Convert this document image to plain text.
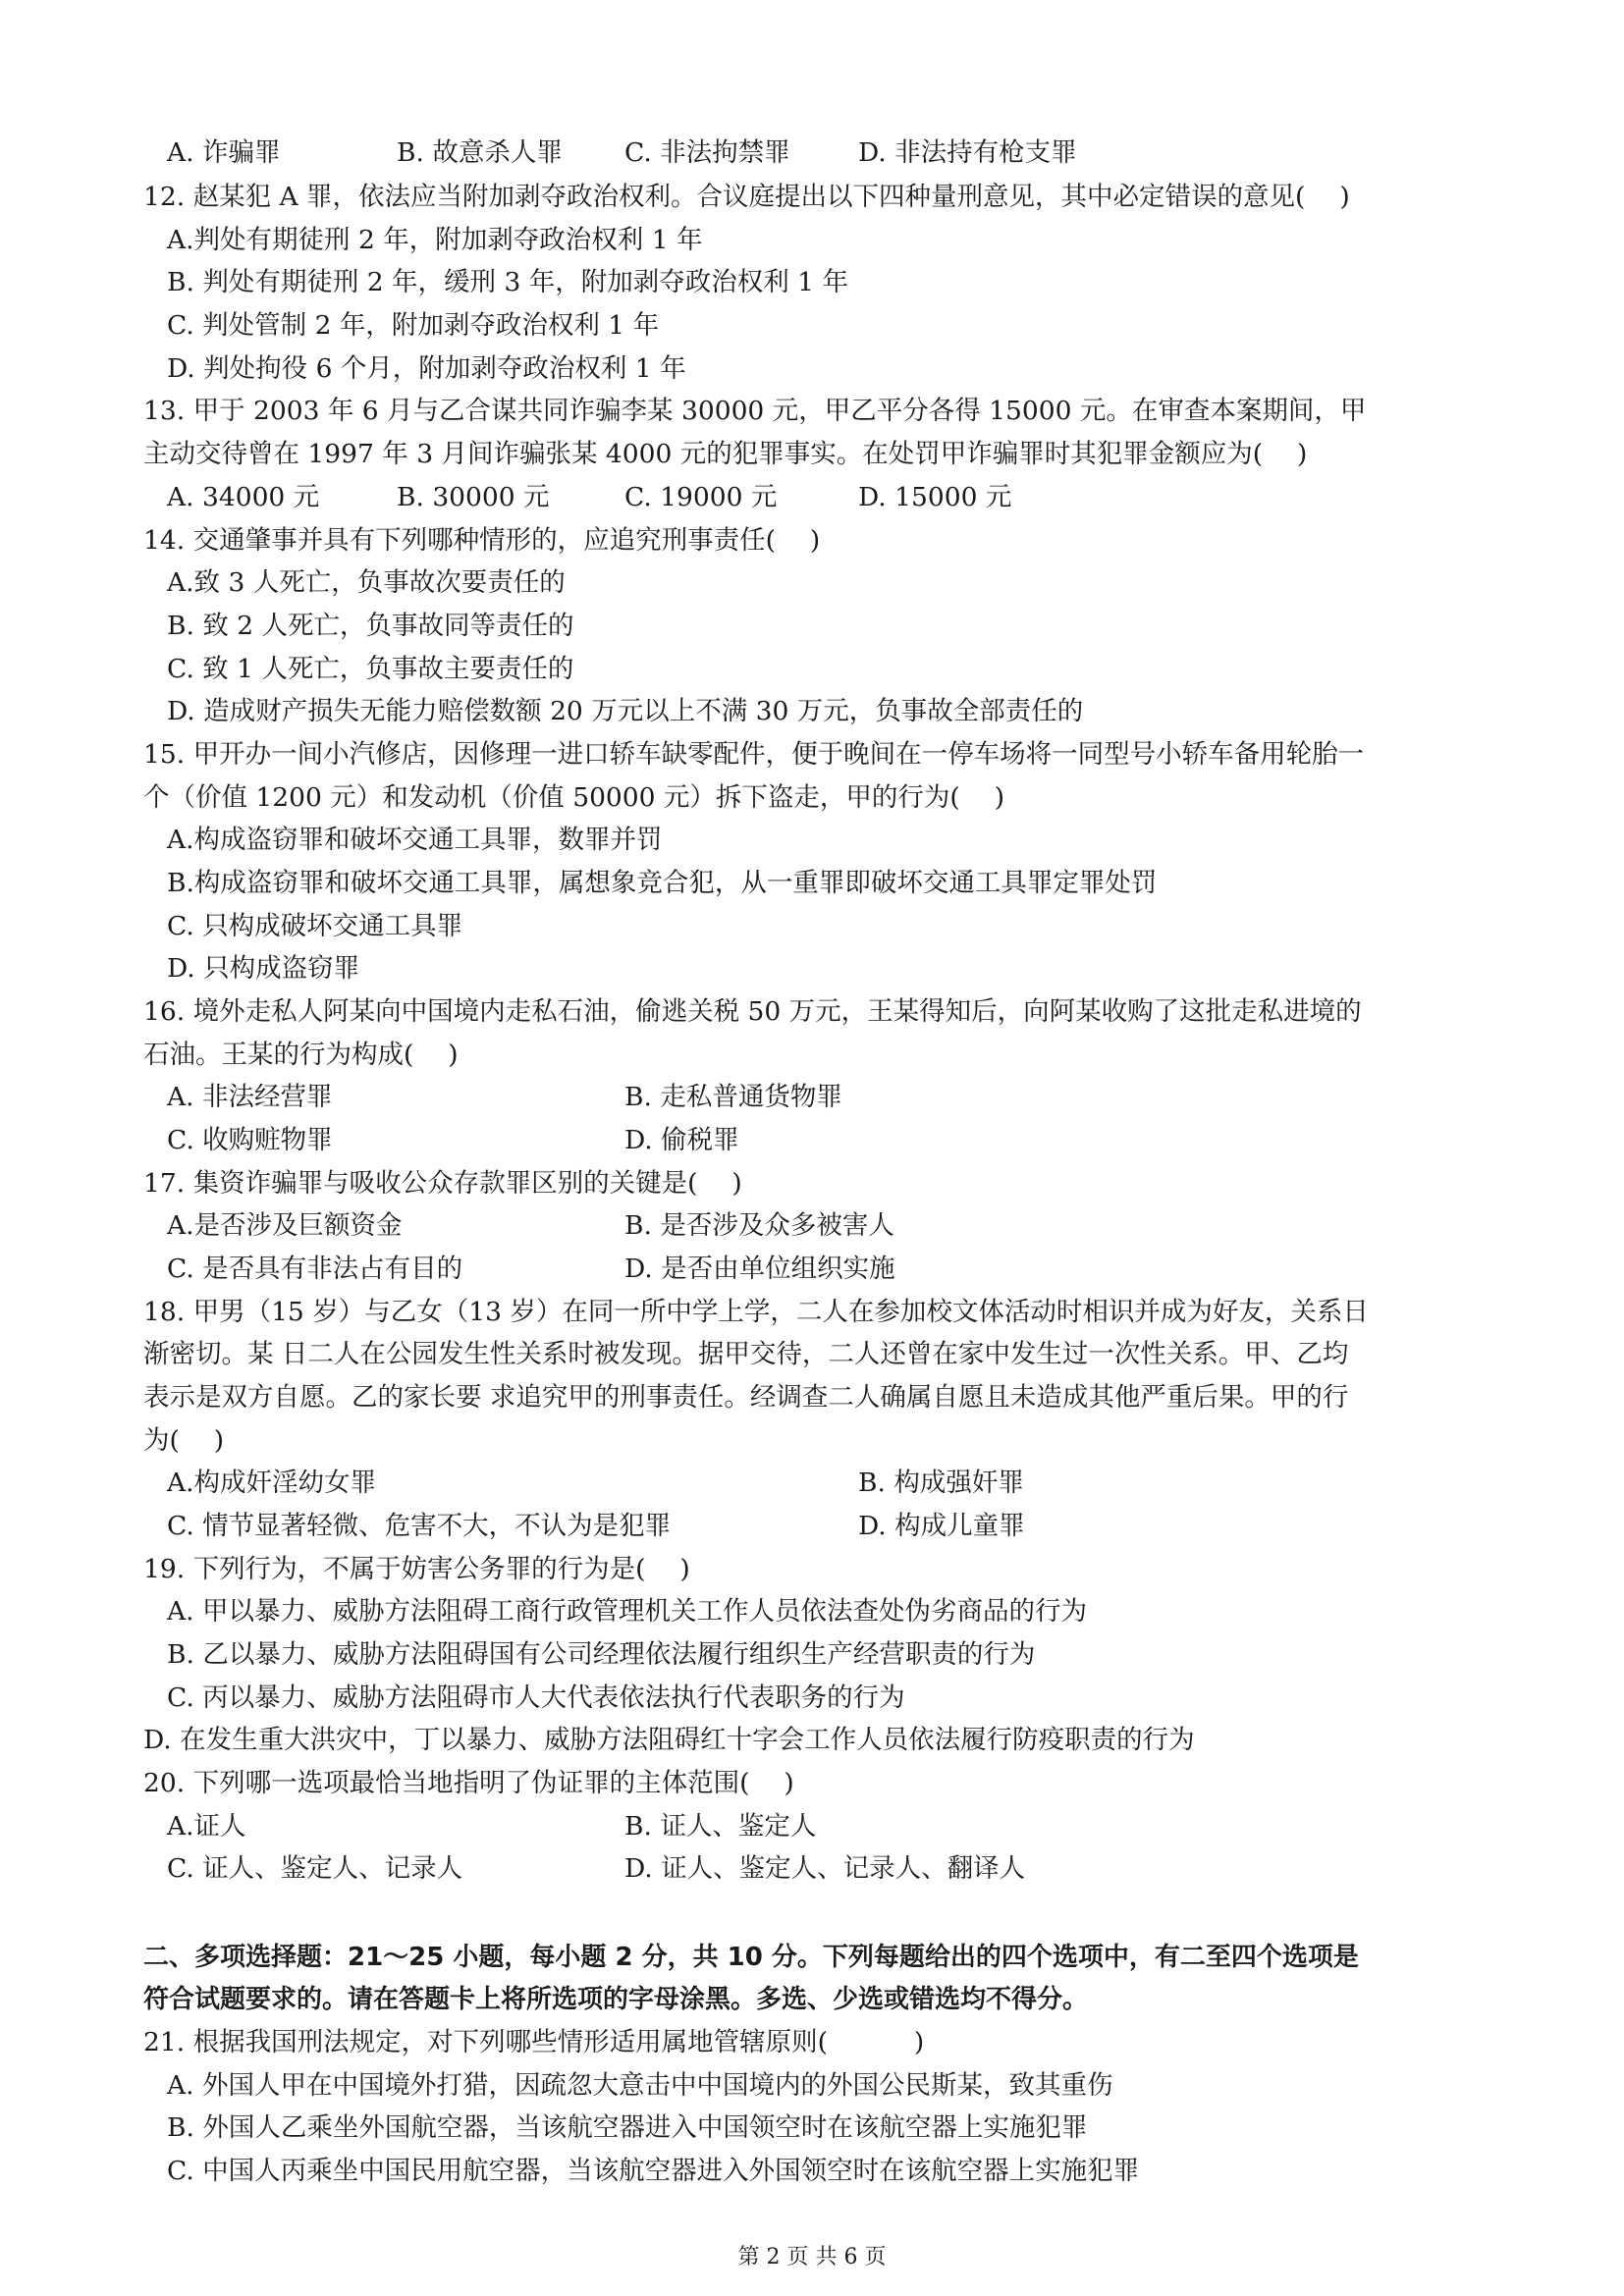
A. 诈骗罪	B. 故意杀人罪 C. 非法拘禁罪	D. 非法持有枪支罪
12. 赵某犯 A 罪，依法应当附加剥夺政治权利。合议庭提出以下四种量刑意见，其中必定错误的意见(　 )
A.判处有期徒刑 2 年，附加剥夺政治权利 1 年
B. 判处有期徒刑 2 年，缓刑 3 年，附加剥夺政治权利 1 年
C. 判处管制 2 年，附加剥夺政治权利 1 年
D. 判处拘役 6 个月，附加剥夺政治权利 1 年
13. 甲于 2003 年 6 月与乙合谋共同诈骗李某 30000 元，甲乙平分各得 15000 元。在审查本案期间，甲
主动交待曾在 1997 年 3 月间诈骗张某 4000 元的犯罪事实。在处罚甲诈骗罪时其犯罪金额应为(　 )
A. 34000 元	B. 30000 元	C. 19000 元	D. 15000 元
14. 交通肇事并具有下列哪种情形的，应追究刑事责任(　 )
A.致 3 人死亡，负事故次要责任的
B. 致 2 人死亡，负事故同等责任的
C. 致 1 人死亡，负事故主要责任的
D. 造成财产损失无能力赔偿数额 20 万元以上不满 30 万元，负事故全部责任的
15. 甲开办一间小汽修店，因修理一进口轿车缺零配件，便于晚间在一停车场将一同型号小轿车备用轮胎一
个（价值 1200 元）和发动机（价值 50000 元）拆下盗走，甲的行为(　 )
A.构成盗窃罪和破坏交通工具罪，数罪并罚
B.构成盗窃罪和破坏交通工具罪，属想象竞合犯，从一重罪即破坏交通工具罪定罪处罚
C. 只构成破坏交通工具罪
D. 只构成盗窃罪
16. 境外走私人阿某向中国境内走私石油，偷逃关税 50 万元，王某得知后，向阿某收购了这批走私进境的
石油。王某的行为构成(　 )
A. 非法经营罪	B. 走私普通货物罪
C. 收购赃物罪	D. 偷税罪
17. 集资诈骗罪与吸收公众存款罪区别的关键是(　 )
A.是否涉及巨额资金	B. 是否涉及众多被害人
C. 是否具有非法占有目的	D. 是否由单位组织实施
18. 甲男（15 岁）与乙女（13 岁）在同一所中学上学，二人在参加校文体活动时相识并成为好友，关系日
渐密切。某 日二人在公园发生性关系时被发现。据甲交待，二人还曾在家中发生过一次性关系。甲、乙均
表示是双方自愿。乙的家长要 求追究甲的刑事责任。经调查二人确属自愿且未造成其他严重后果。甲的行
为(　 )
A.构成奸淫幼女罪	B. 构成强奸罪
C. 情节显著轻微、危害不大，不认为是犯罪	D. 构成儿童罪
19. 下列行为，不属于妨害公务罪的行为是(　 )
A. 甲以暴力、威胁方法阻碍工商行政管理机关工作人员依法查处伪劣商品的行为
B. 乙以暴力、威胁方法阻碍国有公司经理依法履行组织生产经营职责的行为
C. 丙以暴力、威胁方法阻碍市人大代表依法执行代表职务的行为
D. 在发生重大洪灾中，丁以暴力、威胁方法阻碍红十字会工作人员依法履行防疫职责的行为
20. 下列哪一选项最恰当地指明了伪证罪的主体范围(　 )
A.证人	B. 证人、鉴定人
C. 证人、鉴定人、记录人	D. 证人、鉴定人、记录人、翻译人
二、多项选择题：21～25 小题，每小题 2 分，共 10 分。下列每题给出的四个选项中，有二至四个选项是
符合试题要求的。请在答题卡上将所选项的字母涂黑。多选、少选或错选均不得分。
21. 根据我国刑法规定，对下列哪些情形适用属地管辖原则(　　　 )
A. 外国人甲在中国境外打猎，因疏忽大意击中中国境内的外国公民斯某，致其重伤
B. 外国人乙乘坐外国航空器，当该航空器进入中国领空时在该航空器上实施犯罪
C. 中国人丙乘坐中国民用航空器，当该航空器进入外国领空时在该航空器上实施犯罪
第 2 页 共 6 页
